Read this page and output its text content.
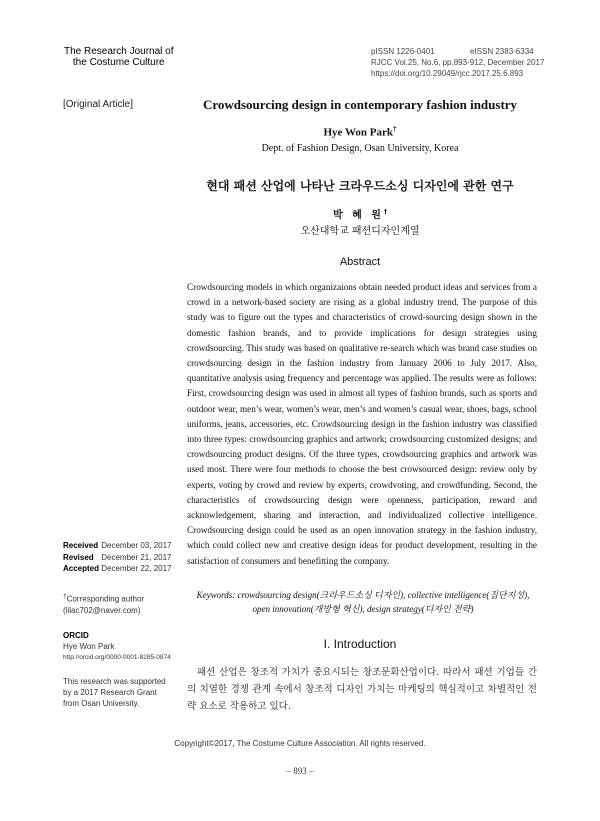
The Research Journal of
the Costume Culture
pISSN 1226-0401	eISSN 2383-6334
RJCC Vol.25, No.6, pp.893-912, December 2017
https://doi.org/10.29049/rjcc.2017.25.6.893
[Original Article]	Crowdsourcing design in contemporary fashion industry
Hye Won Park†
Dept. of Fashion Design, Osan University, Korea
현대 패션 산업에 나타난 크라우드소싱 디자인에 관한 연구
박 혜 원†
오산대학교 패션디자인계열
Abstract
Crowdsourcing models in which organizaions obtain needed product ideas and services from a crowd in a network-based society are rising as a global industry trend. The purpose of this study was to figure out the types and characteristics of crowd-sourcing design shown in the domestic fashion brands, and to provide implications for design strategies using crowdsourcing. This study was based on qualitative re-search which was brand case studies on crowdsourcing design in the fashion industry from January 2006 to July 2017. Also, quantitative analysis using frequency and percentage was applied. The results were as follows: First, crowdsourcing design was used in almost all types of fashion brands, such as sports and outdoor wear, men’s wear, women’s wear, men’s and women’s casual wear, shoes, bags, school uniforms, jeans, accessories, etc. Crowdsourcing design in the fashion industry was classified into three types: crowdsourcing graphics and artwork; crowdsourcing customized designs; and crowdsourcing product designs. Of the three types, crowdsourcing graphics and artwork was used most. There were four methods to choose the best crowsourced design: review only by experts, voting by crowd and review by experts, crowdvoting, and crowdfunding. Second, the characteristics of crowdsourcing design were openness, participation, reward and acknowledgement, sharing and interaction, and individualized collective intelligence. Crowdsourcing design could be used as an open innovation strategy in the fashion industry, which could collect new and creative design ideas for product development, resulting in the satisfaction of consumers and benefitting the company.
Keywords: crowdsourcing design(크라우드소싱 디자인), collective intelligence(집단지성),
open innovation(개방형 혁신), design strategy(디자인 전략)
I. Introduction
패션 산업은 창조적 가치가 중요시되는 창조문화산업이다. 따라서 패션 기업들 간의 치열한 경쟁 관계 속에서 창조적 디자인 가치는 마케팅의 핵심적이고 차별적인 전략 요소로 작용하고 있다.
Received December 03, 2017
Revised December 21, 2017
Accepted December 22, 2017
†Corresponding author
(lilac702@naver.com)
ORCID
Hye Won Park
http://orcid.org/0000-0001-8285-0874
This research was supported by a 2017 Research Grant from Osan University.
Copyright©2017, The Costume Culture Association. All rights reserved.
– 893 –
